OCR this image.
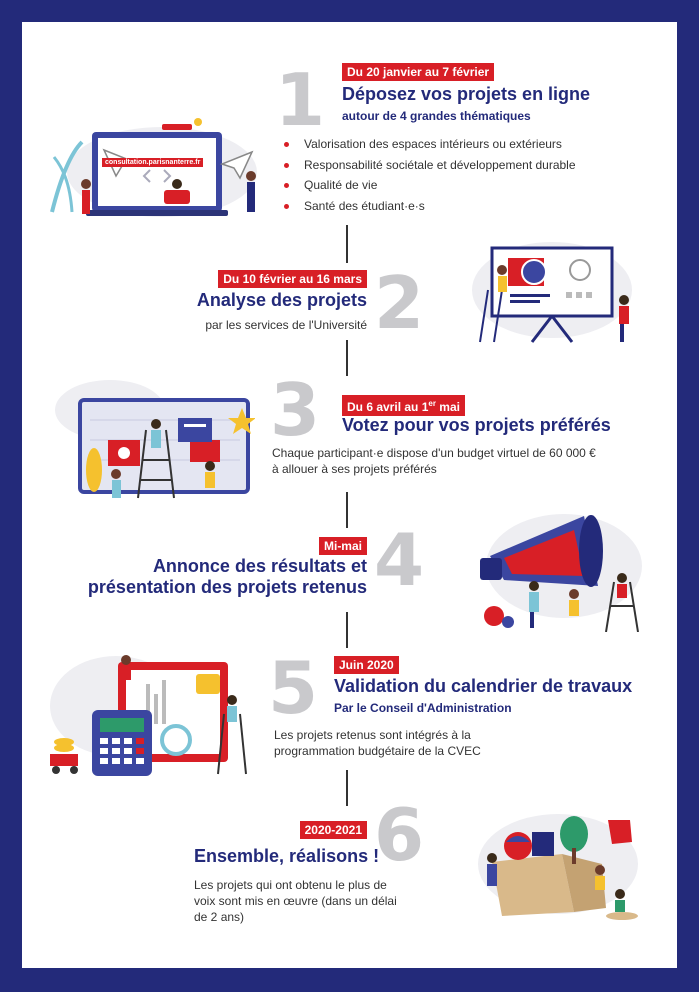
1	Du 20 janvier au 7 février
Déposez vos projets en ligne
autour de 4 grandes thématiques
Valorisation des espaces intérieurs ou extérieurs
Responsabilité sociétale et développement durable
Qualité de vie
Santé des étudiant·e·s
consultation.parisnanterre.fr
2
Du 10 février au 16 mars
Analyse des projets
par les services de l'Université
3	Du 6 avril au 1er mai
Votez pour vos projets préférés
Chaque participant·e dispose d'un budget virtuel de 60 000 €
à allouer à ses projets préférés
4
Mi-mai
Annonce des résultats et
présentation des projets retenus
5	Juin 2020
Validation du calendrier de travaux
Par le Conseil d'Administration
Les projets retenus sont intégrés à la
programmation budgétaire de la CVEC
6
2020-2021
Ensemble, réalisons !
Les projets qui ont obtenu le plus de
voix sont mis en œuvre (dans un délai
de 2 ans)
